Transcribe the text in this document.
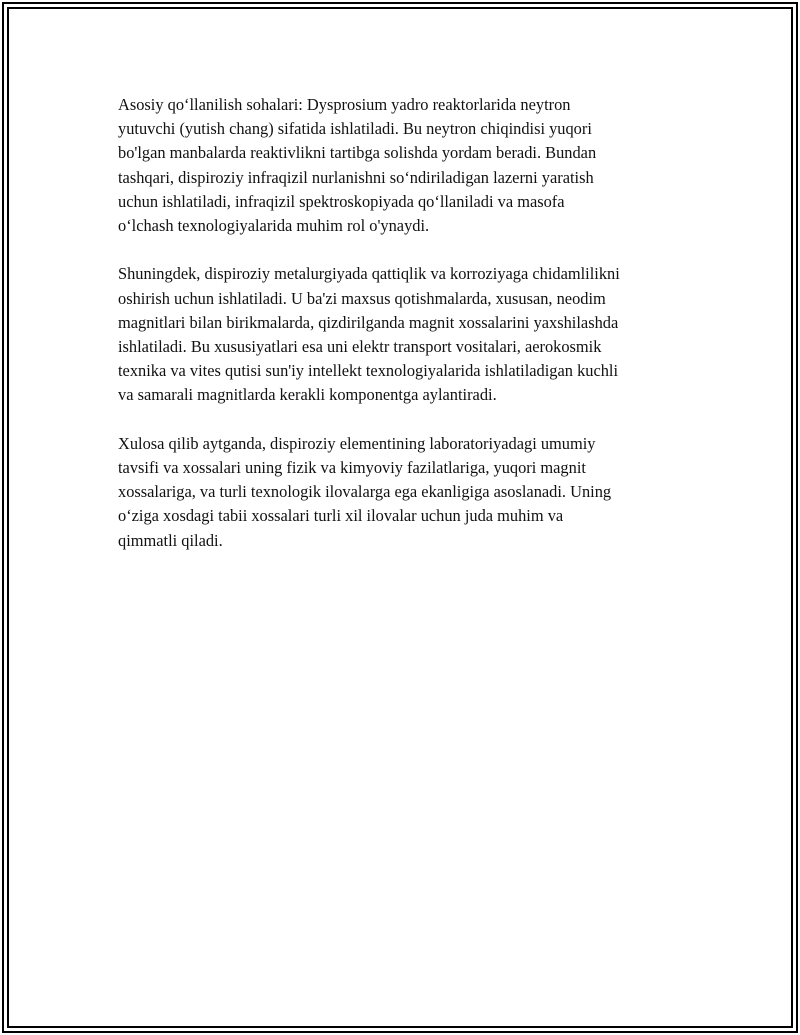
Asosiy qo‘llanilish sohalari: Dysprosium yadro reaktorlarida neytron
yutuvchi (yutish chang) sifatida ishlatiladi. Bu neytron chiqindisi yuqori
bo'lgan manbalarda reaktivlikni tartibga solishda yordam beradi. Bundan
tashqari, dispiroziy infraqizil nurlanishni so‘ndiriladigan lazerni yaratish
uchun ishlatiladi, infraqizil spektroskopiyada qo‘llaniladi va masofa
o‘lchash texnologiyalarida muhim rol o'ynaydi.

Shuningdek, dispiroziy metalurgiyada qattiqlik va korroziyaga chidamlilikni
oshirish uchun ishlatiladi. U ba'zi maxsus qotishmalarda, xususan, neodim
magnitlari bilan birikmalarda, qizdirilganda magnit xossalarini yaxshilashda
ishlatiladi. Bu xususiyatlari esa uni elektr transport vositalari, aerokosmik
texnika va vites qutisi sun'iy intellekt texnologiyalarida ishlatiladigan kuchli
va samarali magnitlarda kerakli komponentga aylantiradi.

Xulosa qilib aytganda, dispiroziy elementining laboratoriyadagi umumiy
tavsifi va xossalari uning fizik va kimyoviy fazilatlariga, yuqori magnit
xossalariga, va turli texnologik ilovalarga ega ekanligiga asoslanadi. Uning
o‘ziga xosdagi tabii xossalari turli xil ilovalar uchun juda muhim va
qimmatli qiladi.
